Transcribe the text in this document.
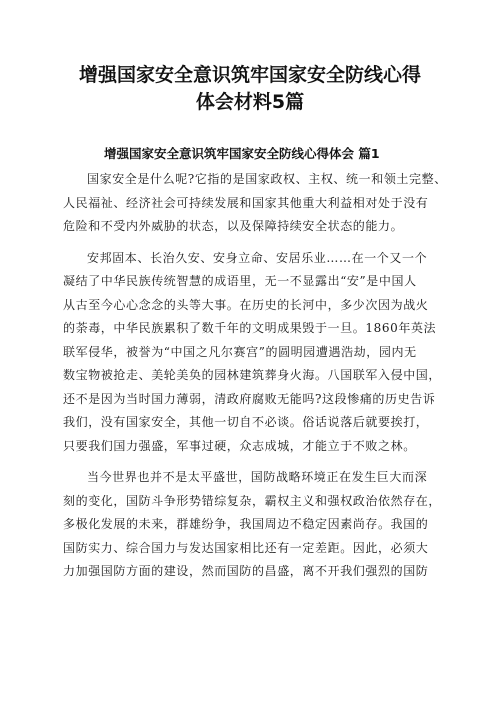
增强国家安全意识筑牢国家安全防线心得
体会材料5篇
增强国家安全意识筑牢国家安全防线心得体会 篇1
国家安全是什么呢?它指的是国家政权、主权、统一和领土完整、
人民福祉、经济社会可持续发展和国家其他重大利益相对处于没有
危险和不受内外威胁的状态，以及保障持续安全状态的能力。
安邦固本、长治久安、安身立命、安居乐业……在一个又一个
凝结了中华民族传统智慧的成语里，无一不显露出“安”是中国人
从古至今心心念念的头等大事。在历史的长河中，多少次因为战火
的荼毒，中华民族累积了数千年的文明成果毁于一旦。1860年英法
联军侵华，被誉为“中国之凡尔赛宫”的圆明园遭遇浩劫，园内无
数宝物被抢走、美轮美奂的园林建筑葬身火海。八国联军入侵中国，
还不是因为当时国力薄弱，清政府腐败无能吗?这段惨痛的历史告诉
我们，没有国家安全，其他一切自不必谈。俗话说落后就要挨打，
只要我们国力强盛，军事过硬，众志成城，才能立于不败之林。
当今世界也并不是太平盛世，国防战略环境正在发生巨大而深
刻的变化，国防斗争形势错综复杂，霸权主义和强权政治依然存在，
多极化发展的未来，群雄纷争，我国周边不稳定因素尚存。我国的
国防实力、综合国力与发达国家相比还有一定差距。因此，必须大
力加强国防方面的建设，然而国防的昌盛，离不开我们强烈的国防
